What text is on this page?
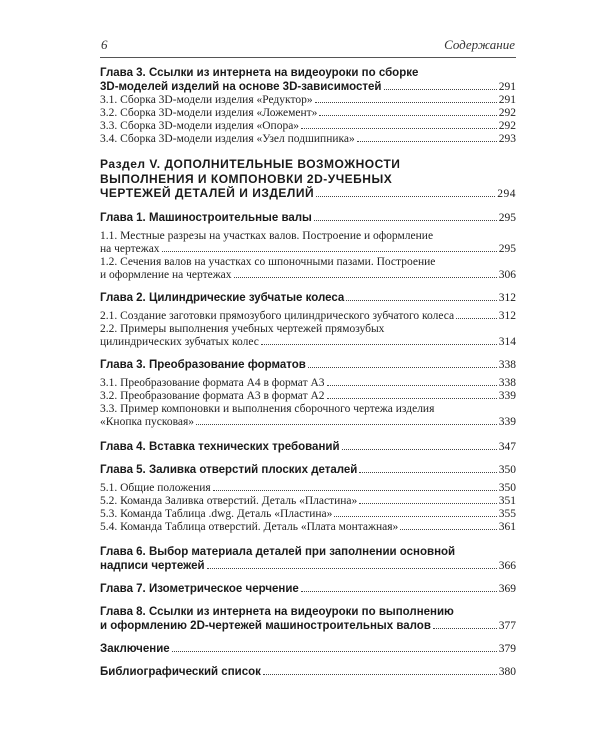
6	Содержание
Глава 3. Ссылки из интернета на видеоуроки по сборке
3D-моделей изделий на основе 3D-зависимостей	291
3.1. Сборка 3D-модели изделия «Редуктор»	291
3.2. Сборка 3D-модели изделия «Ложемент»	292
3.3. Сборка 3D-модели изделия «Опора»	292
3.4. Сборка 3D-модели изделия «Узел подшипника»	293
Раздел V. ДОПОЛНИТЕЛЬНЫЕ ВОЗМОЖНОСТИ
ВЫПОЛНЕНИЯ И КОМПОНОВКИ 2D-УЧЕБНЫХ
ЧЕРТЕЖЕЙ ДЕТАЛЕЙ И ИЗДЕЛИЙ	294
Глава 1. Машиностроительные валы	295
1.1. Местные разрезы на участках валов. Построение и оформление
на чертежах	295
1.2. Сечения валов на участках со шпоночными пазами. Построение
и оформление на чертежах	306
Глава 2. Цилиндрические зубчатые колеса	312
2.1. Создание заготовки прямозубого цилиндрического зубчатого колеса	312
2.2. Примеры выполнения учебных чертежей прямозубых
цилиндрических зубчатых колес	314
Глава 3. Преобразование форматов	338
3.1. Преобразование формата А4 в формат А3	338
3.2. Преобразование формата А3 в формат А2	339
3.3. Пример компоновки и выполнения сборочного чертежа изделия
«Кнопка пусковая»	339
Глава 4. Вставка технических требований	347
Глава 5. Заливка отверстий плоских деталей	350
5.1. Общие положения	350
5.2. Команда Заливка отверстий. Деталь «Пластина»	351
5.3. Команда Таблица .dwg. Деталь «Пластина»	355
5.4. Команда Таблица отверстий. Деталь «Плата монтажная»	361
Глава 6. Выбор материала деталей при заполнении основной
надписи чертежей	366
Глава 7. Изометрическое черчение	369
Глава 8. Ссылки из интернета на видеоуроки по выполнению
и оформлению 2D-чертежей машиностроительных валов	377
Заключение	379
Библиографический список	380
